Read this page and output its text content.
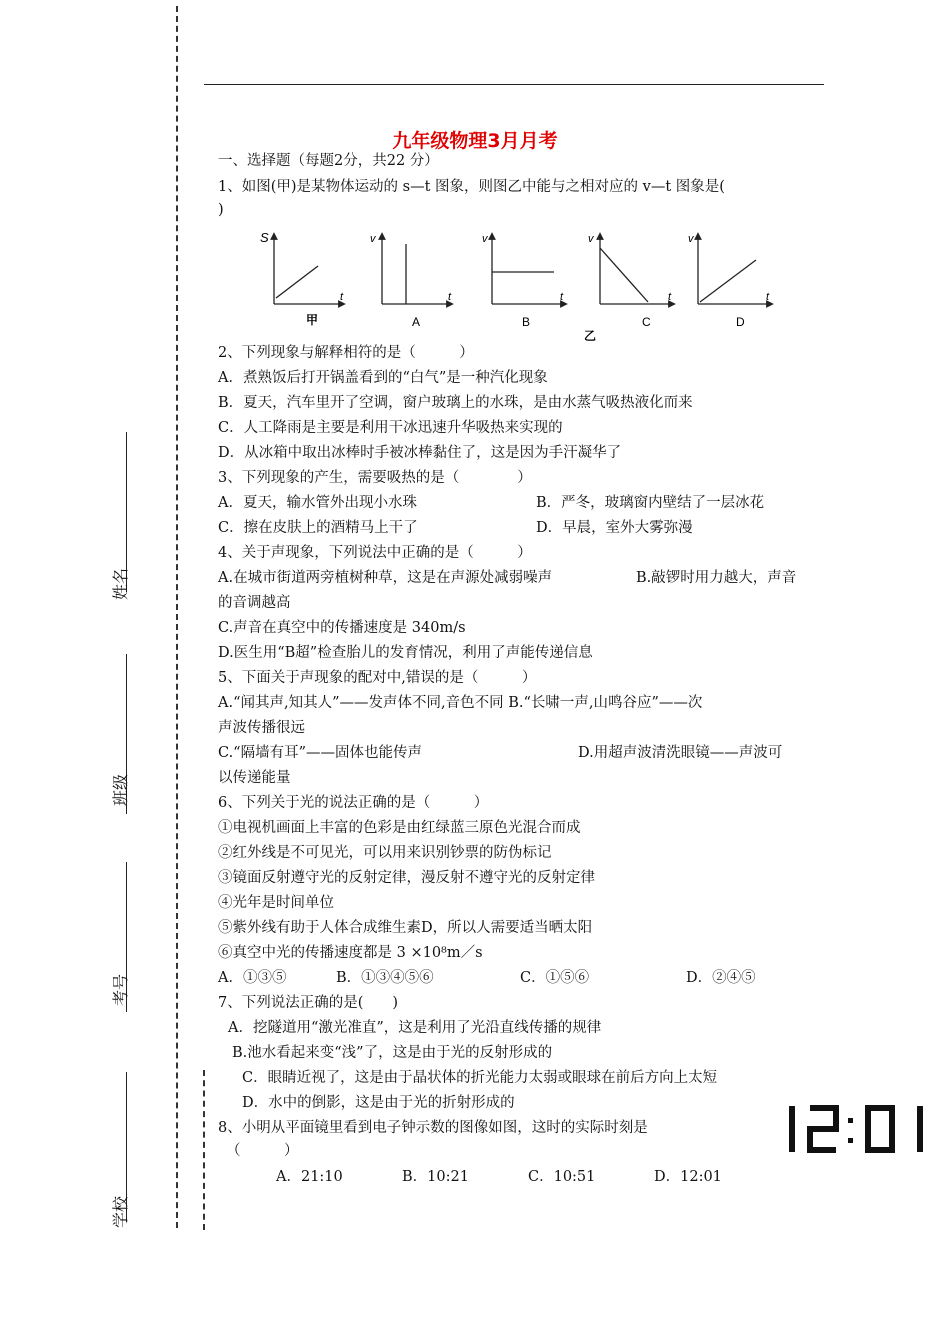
九年级物理3月月考
姓名
班级
考号
学校
一、选择题（每题2分，共22 分）
1、如图(甲)是某物体运动的 s—t 图象，则图乙中能与之相对应的 v—t 图象是(
)
2、下列现象与解释相符的是（　　　）
A．煮熟饭后打开锅盖看到的“白气”是一种汽化现象
B．夏天，汽车里开了空调，窗户玻璃上的水珠，是由水蒸气吸热液化而来
C．人工降雨是主要是利用干冰迅速升华吸热来实现的
D．从冰箱中取出冰棒时手被冰棒黏住了，这是因为手汗凝华了
3、下列现象的产生，需要吸热的是（　　　　）
A．夏天，输水管外出现小水珠	B．严冬，玻璃窗内壁结了一层冰花
C．擦在皮肤上的酒精马上干了	D．早晨，室外大雾弥漫
4、关于声现象，下列说法中正确的是（　　　）
A.在城市街道两旁植树种草，这是在声源处减弱噪声	B.敲锣时用力越大，声音
的音调越高
C.声音在真空中的传播速度是 340m/s
D.医生用“B超”检查胎儿的发育情况，利用了声能传递信息
5、下面关于声现象的配对中,错误的是（　　　）
A.“闻其声,知其人”——发声体不同,音色不同 B.“长啸一声,山鸣谷应”——次
声波传播很远
C.“隔墙有耳”——固体也能传声	D.用超声波清洗眼镜——声波可
以传递能量
6、下列关于光的说法正确的是（　　　）
①电视机画面上丰富的色彩是由红绿蓝三原色光混合而成
②红外线是不可见光，可以用来识别钞票的防伪标记
③镜面反射遵守光的反射定律，漫反射不遵守光的反射定律
④光年是时间单位
⑤紫外线有助于人体合成维生素D，所以人需要适当晒太阳
⑥真空中光的传播速度都是 3 ×10⁸m／s
A．①③⑤	B．①③④⑤⑥	C．①⑤⑥	D．②④⑤
7、下列说法正确的是(　　)
A．挖隧道用“激光准直”，这是利用了光沿直线传播的规律
B.池水看起来变“浅”了，这是由于光的反射形成的
C．眼睛近视了，这是由于晶状体的折光能力太弱或眼球在前后方向上太短
D．水中的倒影，这是由于光的折射形成的
8、小明从平面镜里看到电子钟示数的图像如图，这时的实际时刻是
（　　　）
A．21:10	B．10:21	C．10:51	D．12:01
S
t
甲
v
t
A
v
t
B
v
t
C
乙
v
t
D
12:01
